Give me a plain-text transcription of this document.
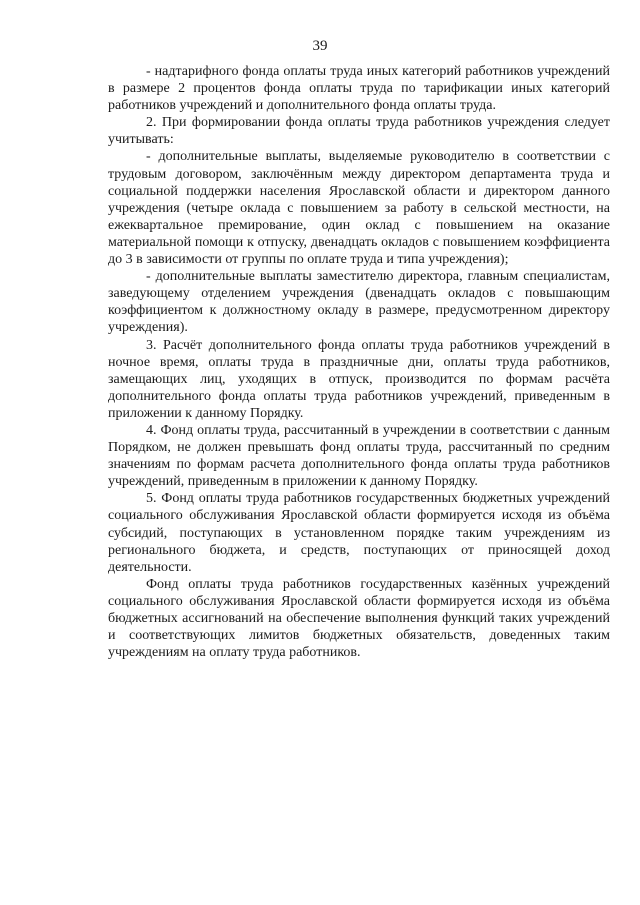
39

- надтарифного фонда оплаты труда иных категорий работников учреждений в размере 2 процентов фонда оплаты труда по тарификации иных категорий работников учреждений и дополнительного фонда оплаты труда.

2. При формировании фонда оплаты труда работников учреждения следует учитывать:

- дополнительные выплаты, выделяемые руководителю в соответствии с трудовым договором, заключённым между директором департамента труда и социальной поддержки населения Ярославской области и директором данного учреждения (четыре оклада с повышением за работу в сельской местности, на ежеквартальное премирование, один оклад с повышением на оказание материальной помощи к отпуску, двенадцать окладов с повышением коэффициента до 3 в зависимости от группы по оплате труда и типа учреждения);

- дополнительные выплаты заместителю директора, главным специалистам, заведующему отделением учреждения (двенадцать окладов с повышающим коэффициентом к должностному окладу в размере, предусмотренном директору учреждения).

3. Расчёт дополнительного фонда оплаты труда работников учреждений в ночное время, оплаты труда в праздничные дни, оплаты труда работников, замещающих лиц, уходящих в отпуск, производится по формам расчёта дополнительного фонда оплаты труда работников учреждений, приведенным в приложении к данному Порядку.

4. Фонд оплаты труда, рассчитанный в учреждении в соответствии с данным Порядком, не должен превышать фонд оплаты труда, рассчитанный по средним значениям по формам расчета дополнительного фонда оплаты труда работников учреждений, приведенным в приложении к данному Порядку.

5. Фонд оплаты труда работников государственных бюджетных учреждений социального обслуживания Ярославской области формируется исходя из объёма субсидий, поступающих в установленном порядке таким учреждениям из регионального бюджета, и средств, поступающих от приносящей доход деятельности.

Фонд оплаты труда работников государственных казённых учреждений социального обслуживания Ярославской области формируется исходя из объёма бюджетных ассигнований на обеспечение выполнения функций таких учреждений и соответствующих лимитов бюджетных обязательств, доведенных таким учреждениям на оплату труда работников.
